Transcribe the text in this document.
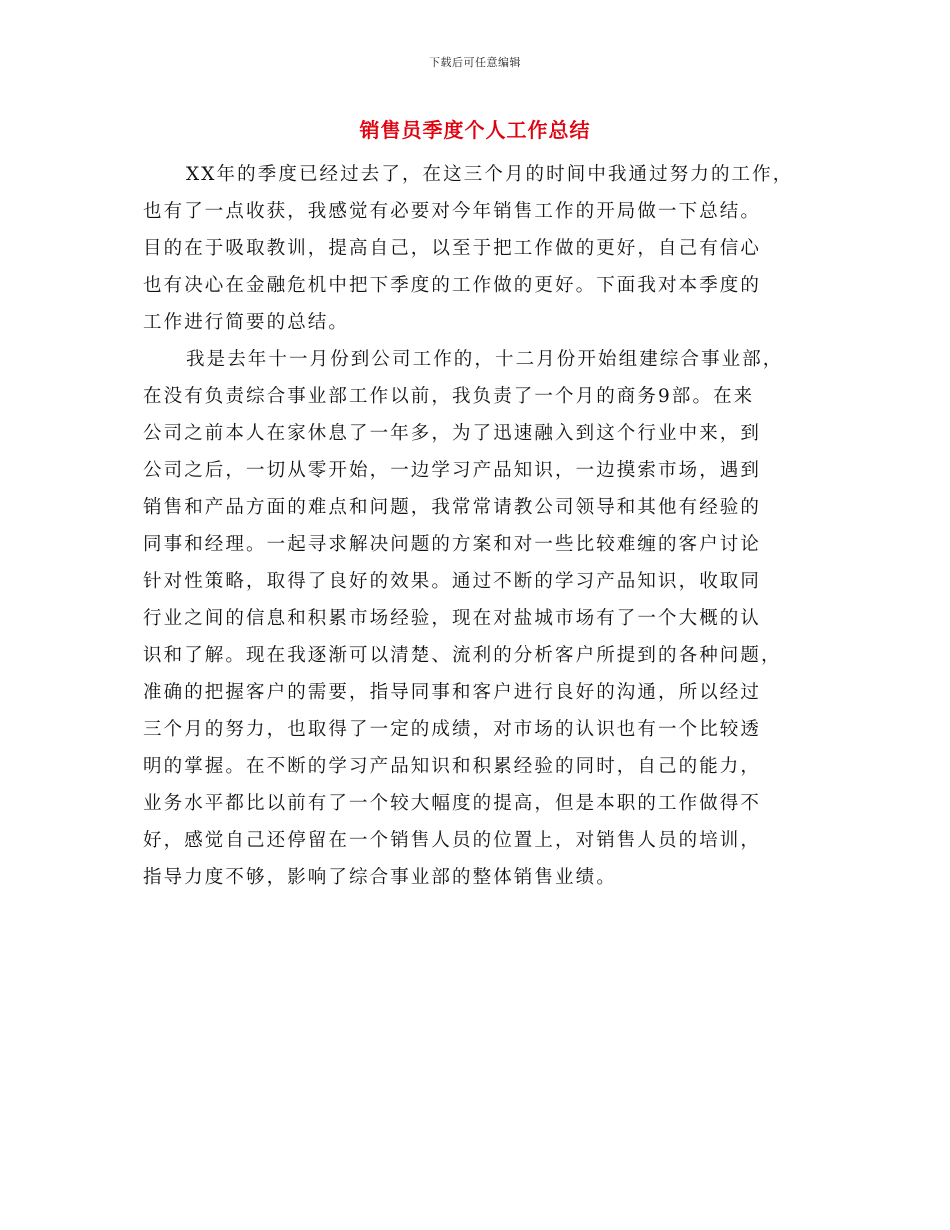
下载后可任意编辑
销售员季度个人工作总结
XX年的季度已经过去了，在这三个月的时间中我通过努力的工作，
也有了一点收获，我感觉有必要对今年销售工作的开局做一下总结。
目的在于吸取教训，提高自己，以至于把工作做的更好，自己有信心
也有决心在金融危机中把下季度的工作做的更好。下面我对本季度的
工作进行简要的总结。
我是去年十一月份到公司工作的，十二月份开始组建综合事业部，
在没有负责综合事业部工作以前，我负责了一个月的商务9部。在来
公司之前本人在家休息了一年多，为了迅速融入到这个行业中来，到
公司之后，一切从零开始，一边学习产品知识，一边摸索市场，遇到
销售和产品方面的难点和问题，我常常请教公司领导和其他有经验的
同事和经理。一起寻求解决问题的方案和对一些比较难缠的客户讨论
针对性策略，取得了良好的效果。通过不断的学习产品知识，收取同
行业之间的信息和积累市场经验，现在对盐城市场有了一个大概的认
识和了解。现在我逐渐可以清楚、流利的分析客户所提到的各种问题，
准确的把握客户的需要，指导同事和客户进行良好的沟通，所以经过
三个月的努力，也取得了一定的成绩，对市场的认识也有一个比较透
明的掌握。在不断的学习产品知识和积累经验的同时，自己的能力，
业务水平都比以前有了一个较大幅度的提高，但是本职的工作做得不
好，感觉自己还停留在一个销售人员的位置上，对销售人员的培训，
指导力度不够，影响了综合事业部的整体销售业绩。
